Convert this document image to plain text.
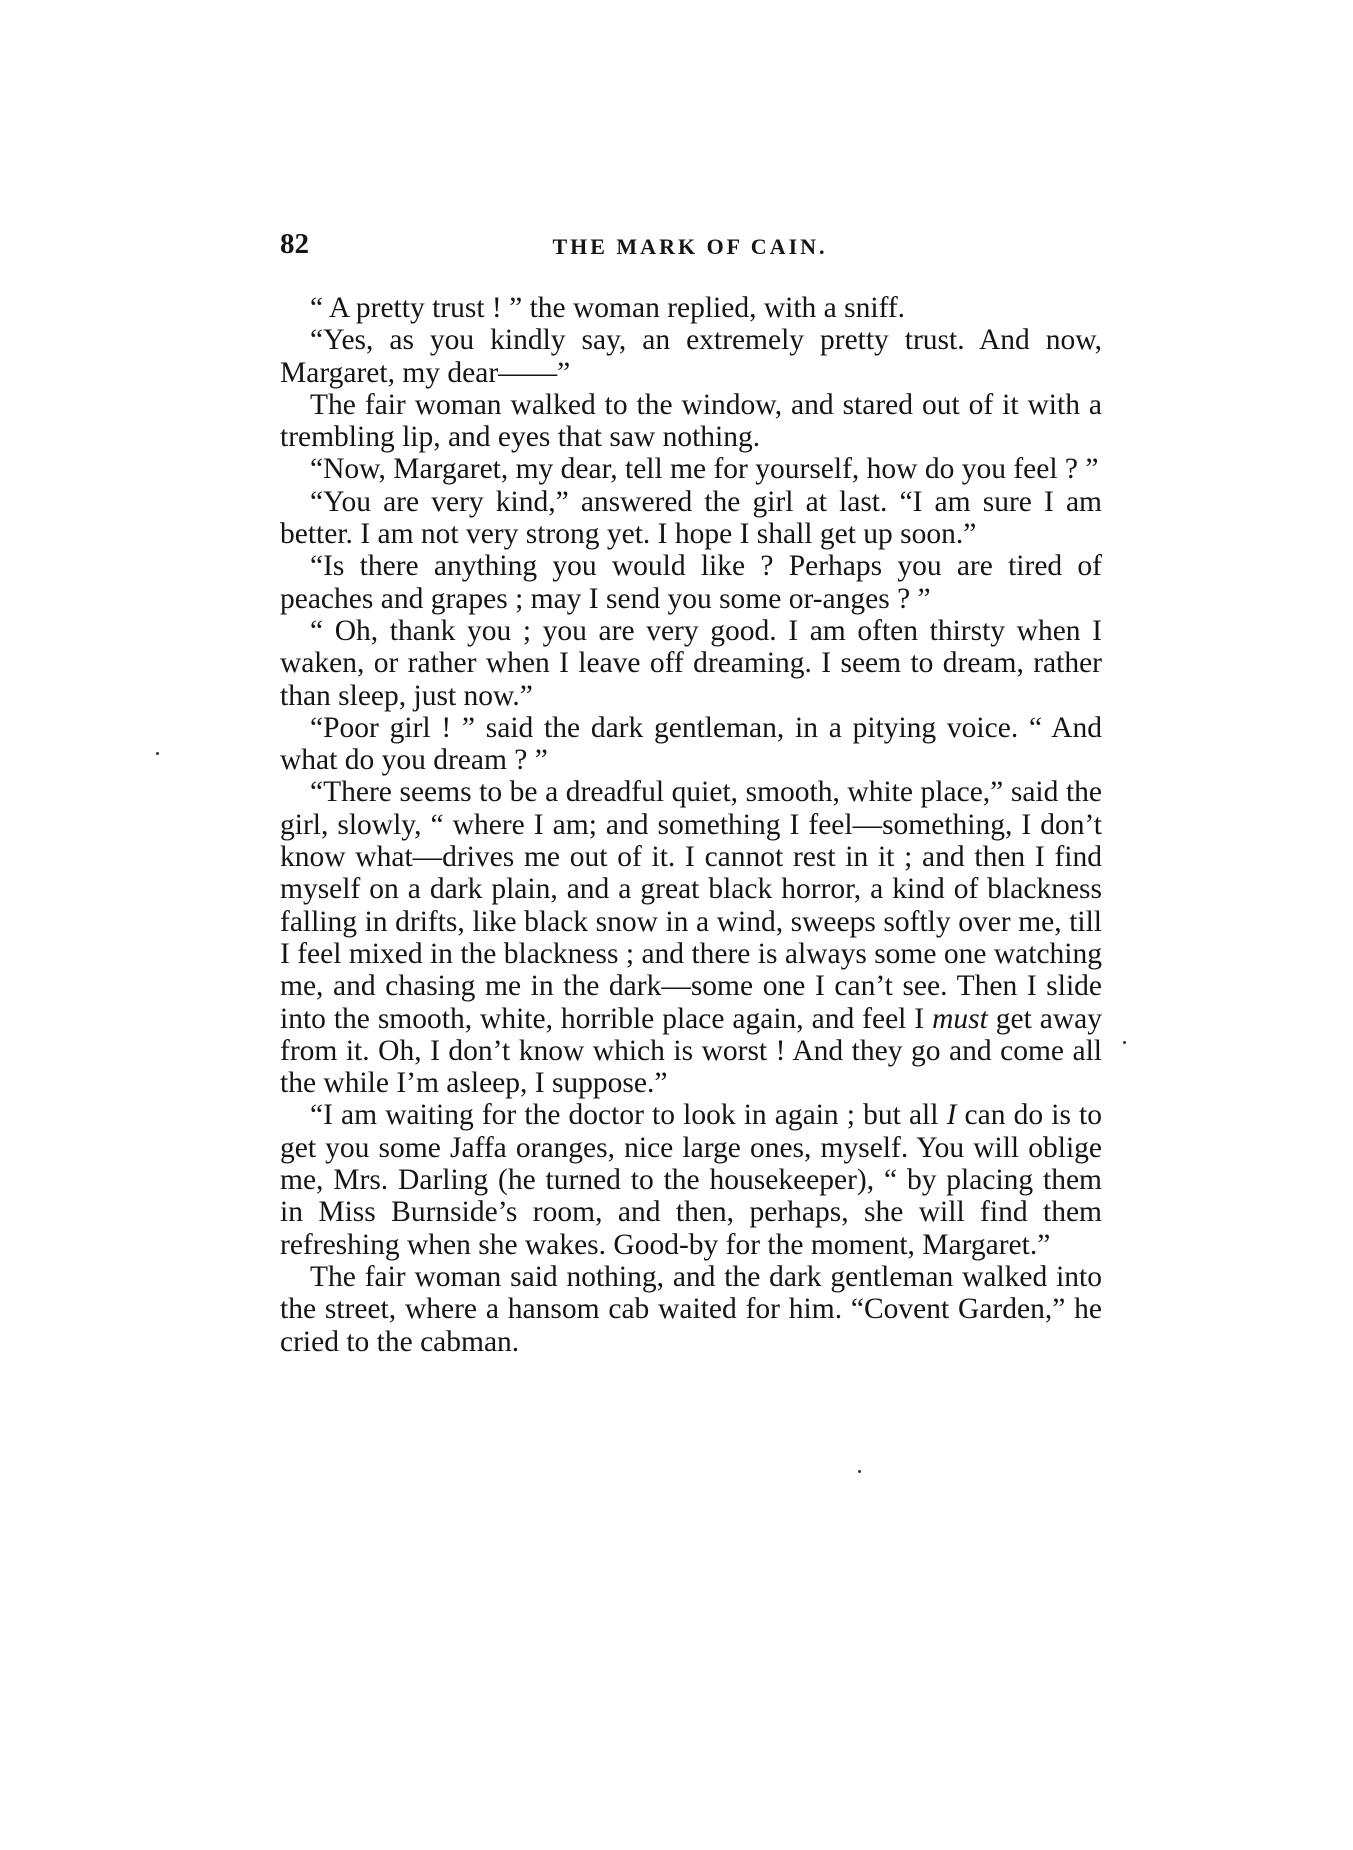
82	THE MARK OF CAIN.

“ A pretty trust ! ” the woman replied, with a sniff.

“Yes, as you kindly say, an extremely pretty trust. And now, Margaret, my dear——”

The fair woman walked to the window, and stared out of it with a trembling lip, and eyes that saw nothing.

“Now, Margaret, my dear, tell me for yourself, how do you feel ? ”

“You are very kind,” answered the girl at last. “I am sure I am better. I am not very strong yet. I hope I shall get up soon.”

“Is there anything you would like ? Perhaps you are tired of peaches and grapes ; may I send you some or-anges ? ”

“ Oh, thank you ; you are very good. I am often thirsty when I waken, or rather when I leave off dreaming. I seem to dream, rather than sleep, just now.”

“Poor girl ! ” said the dark gentleman, in a pitying voice. “ And what do you dream ? ”

“There seems to be a dreadful quiet, smooth, white place,” said the girl, slowly, “ where I am; and something I feel—something, I don’t know what—drives me out of it. I cannot rest in it ; and then I find myself on a dark plain, and a great black horror, a kind of blackness falling in drifts, like black snow in a wind, sweeps softly over me, till I feel mixed in the blackness ; and there is always some one watching me, and chasing me in the dark—some one I can’t see. Then I slide into the smooth, white, horrible place again, and feel I must get away from it. Oh, I don’t know which is worst ! And they go and come all the while I’m asleep, I suppose.”

“I am waiting for the doctor to look in again ; but all I can do is to get you some Jaffa oranges, nice large ones, myself. You will oblige me, Mrs. Darling (he turned to the housekeeper), “ by placing them in Miss Burnside’s room, and then, perhaps, she will find them refreshing when she wakes. Good-by for the moment, Margaret.”

The fair woman said nothing, and the dark gentleman walked into the street, where a hansom cab waited for him. “Covent Garden,” he cried to the cabman.
